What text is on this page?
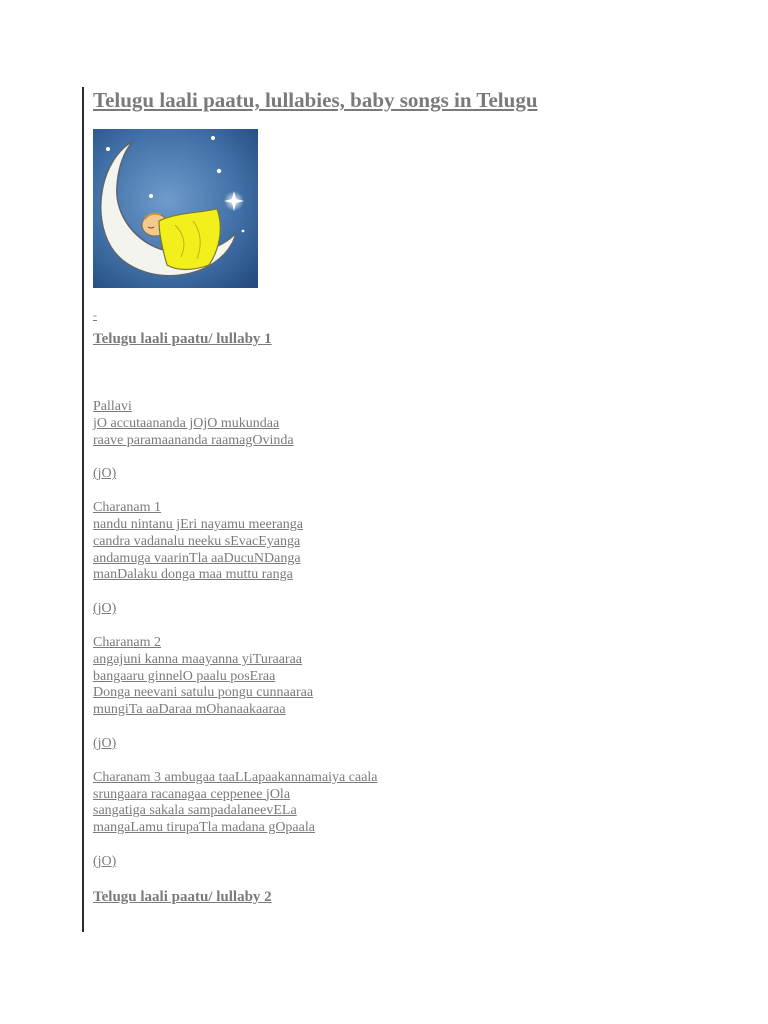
Telugu laali paatu, lullabies, baby songs in Telugu
-
Telugu laali paatu/ lullaby 1
Pallavi
jO accutaananda jOjO mukundaa
raave paramaananda raamagOvinda
(jO)
Charanam 1
nandu nintanu jEri nayamu meeranga
candra vadanalu neeku sEvacEyanga
andamuga vaarinTla aaDucuNDanga
manDalaku donga maa muttu ranga
(jO)
Charanam 2
angajuni kanna maayanna yiTuraaraa
bangaaru ginnelO paalu posEraa
Donga neevani satulu pongu cunnaaraa
mungiTa aaDaraa mOhanaakaaraa
(jO)
Charanam 3 ambugaa taaLLapaakannamaiya caala
srungaara racanagaa ceppenee jOla
sangatiga sakala sampadalaneevELa
mangaLamu tirupaTla madana gOpaala
(jO)
Telugu laali paatu/ lullaby 2
